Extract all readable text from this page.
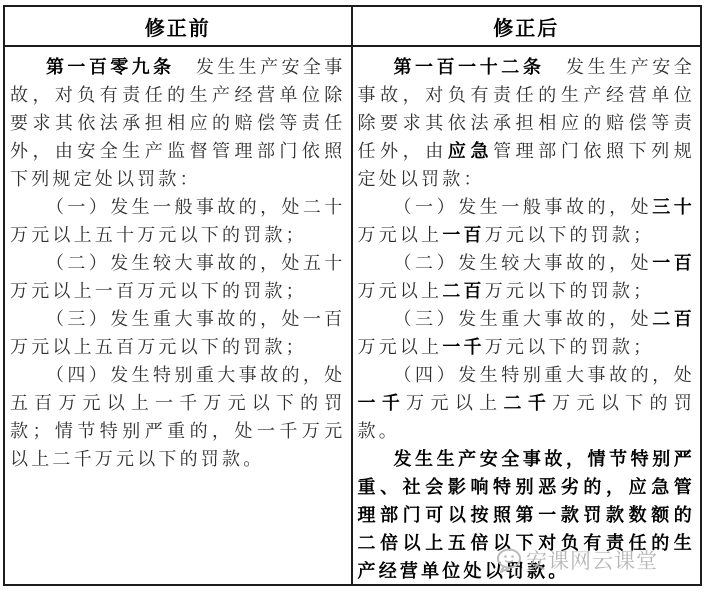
修正前	修正后

第一百零九条　发生生产安全事故，对负有责任的生产经营单位除要求其依法承担相应的赔偿等责任外，由安全生产监督管理部门依照下列规定处以罚款：

（一）发生一般事故的，处二十万元以上五十万元以下的罚款；

（二）发生较大事故的，处五十万元以上一百万元以下的罚款；

（三）发生重大事故的，处一百万元以上五百万元以下的罚款；

（四）发生特别重大事故的，处五百万元以上一千万元以下的罚款；情节特别严重的，处一千万元以上二千万元以下的罚款。

第一百一十二条　发生生产安全事故，对负有责任的生产经营单位除要求其依法承担相应的赔偿等责任外，由应急管理部门依照下列规定处以罚款：

（一）发生一般事故的，处三十万元以上一百万元以下的罚款；

（二）发生较大事故的，处一百万元以上二百万元以下的罚款；

（三）发生重大事故的，处二百万元以上一千万元以下的罚款；

（四）发生特别重大事故的，处一千万元以上二千万元以下的罚款。

发生生产安全事故，情节特别严重、社会影响特别恶劣的，应急管理部门可以按照第一款罚款数额的二倍以上五倍以下对负有责任的生产经营单位处以罚款。

安课网云课堂
